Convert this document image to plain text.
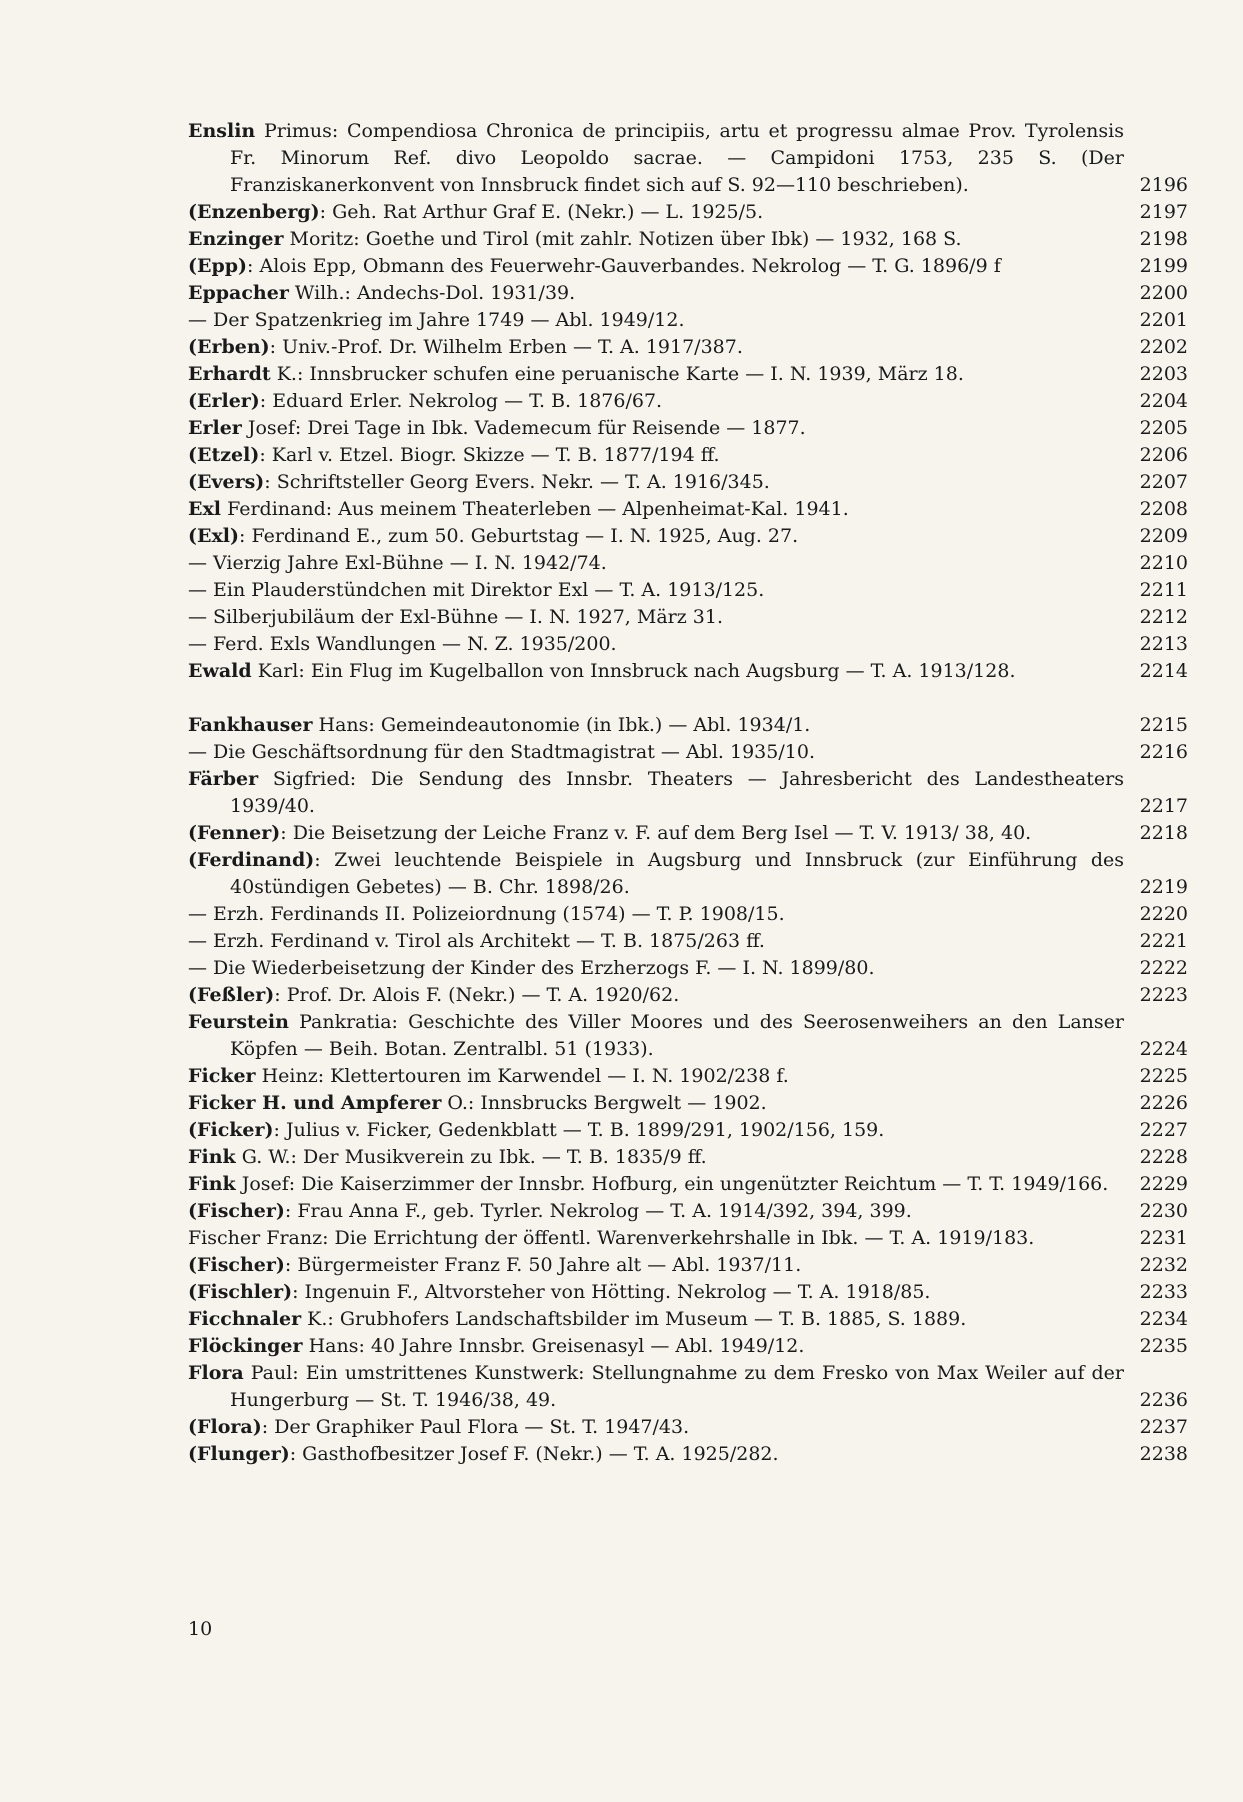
Enslin Primus: Compendiosa Chronica de principiis, artu et progressu almae Prov. Tyrolensis Fr. Minorum Ref. divo Leopoldo sacrae. — Campidoni 1753, 235 S. (Der Franziskanerkonvent von Innsbruck findet sich auf S. 92—110 beschrieben).	2196
(Enzenberg): Geh. Rat Arthur Graf E. (Nekr.) — L. 1925/5.	2197
Enzinger Moritz: Goethe und Tirol (mit zahlr. Notizen über Ibk) — 1932, 168 S.	2198
(Epp): Alois Epp, Obmann des Feuerwehr-Gauverbandes. Nekrolog — T. G. 1896/9 f	2199
Eppacher Wilh.: Andechs-Dol. 1931/39.	2200
— Der Spatzenkrieg im Jahre 1749 — Abl. 1949/12.	2201
(Erben): Univ.-Prof. Dr. Wilhelm Erben — T. A. 1917/387.	2202
Erhardt K.: Innsbrucker schufen eine peruanische Karte — I. N. 1939, März 18.	2203
(Erler): Eduard Erler. Nekrolog — T. B. 1876/67.	2204
Erler Josef: Drei Tage in Ibk. Vademecum für Reisende — 1877.	2205
(Etzel): Karl v. Etzel. Biogr. Skizze — T. B. 1877/194 ff.	2206
(Evers): Schriftsteller Georg Evers. Nekr. — T. A. 1916/345.	2207
Exl Ferdinand: Aus meinem Theaterleben — Alpenheimat-Kal. 1941.	2208
(Exl): Ferdinand E., zum 50. Geburtstag — I. N. 1925, Aug. 27.	2209
— Vierzig Jahre Exl-Bühne — I. N. 1942/74.	2210
— Ein Plauderstündchen mit Direktor Exl — T. A. 1913/125.	2211
— Silberjubiläum der Exl-Bühne — I. N. 1927, März 31.	2212
— Ferd. Exls Wandlungen — N. Z. 1935/200.	2213
Ewald Karl: Ein Flug im Kugelballon von Innsbruck nach Augsburg — T. A. 1913/128.	2214
Fankhauser Hans: Gemeindeautonomie (in Ibk.) — Abl. 1934/1.	2215
— Die Geschäftsordnung für den Stadtmagistrat — Abl. 1935/10.	2216
Färber Sigfried: Die Sendung des Innsbr. Theaters — Jahresbericht des Landestheaters 1939/40.	2217
(Fenner): Die Beisetzung der Leiche Franz v. F. auf dem Berg Isel — T. V. 1913/ 38, 40.	2218
(Ferdinand): Zwei leuchtende Beispiele in Augsburg und Innsbruck (zur Einführung des 40stündigen Gebetes) — B. Chr. 1898/26.	2219
— Erzh. Ferdinands II. Polizeiordnung (1574) — T. P. 1908/15.	2220
— Erzh. Ferdinand v. Tirol als Architekt — T. B. 1875/263 ff.	2221
— Die Wiederbeisetzung der Kinder des Erzherzogs F. — I. N. 1899/80.	2222
(Feßler): Prof. Dr. Alois F. (Nekr.) — T. A. 1920/62.	2223
Feurstein Pankratia: Geschichte des Viller Moores und des Seerosenweihers an den Lanser Köpfen — Beih. Botan. Zentralbl. 51 (1933).	2224
Ficker Heinz: Klettertouren im Karwendel — I. N. 1902/238 f.	2225
Ficker H. und Ampferer O.: Innsbrucks Bergwelt — 1902.	2226
(Ficker): Julius v. Ficker, Gedenkblatt — T. B. 1899/291, 1902/156, 159.	2227
Fink G. W.: Der Musikverein zu Ibk. — T. B. 1835/9 ff.	2228
Fink Josef: Die Kaiserzimmer der Innsbr. Hofburg, ein ungenützter Reichtum — T. T. 1949/166.	2229
(Fischer): Frau Anna F., geb. Tyrler. Nekrolog — T. A. 1914/392, 394, 399.	2230
Fischer Franz: Die Errichtung der öffentl. Warenverkehrshalle in Ibk. — T. A. 1919/183.	2231
(Fischer): Bürgermeister Franz F. 50 Jahre alt — Abl. 1937/11.	2232
(Fischler): Ingenuin F., Altvorsteher von Hötting. Nekrolog — T. A. 1918/85.	2233
Ficchnaler K.: Grubhofers Landschaftsbilder im Museum — T. B. 1885, S. 1889.	2234
Flöckinger Hans: 40 Jahre Innsbr. Greisenasyl — Abl. 1949/12.	2235
Flora Paul: Ein umstrittenes Kunstwerk: Stellungnahme zu dem Fresko von Max Weiler auf der Hungerburg — St. T. 1946/38, 49.	2236
(Flora): Der Graphiker Paul Flora — St. T. 1947/43.	2237
(Flunger): Gasthofbesitzer Josef F. (Nekr.) — T. A. 1925/282.	2238
10
